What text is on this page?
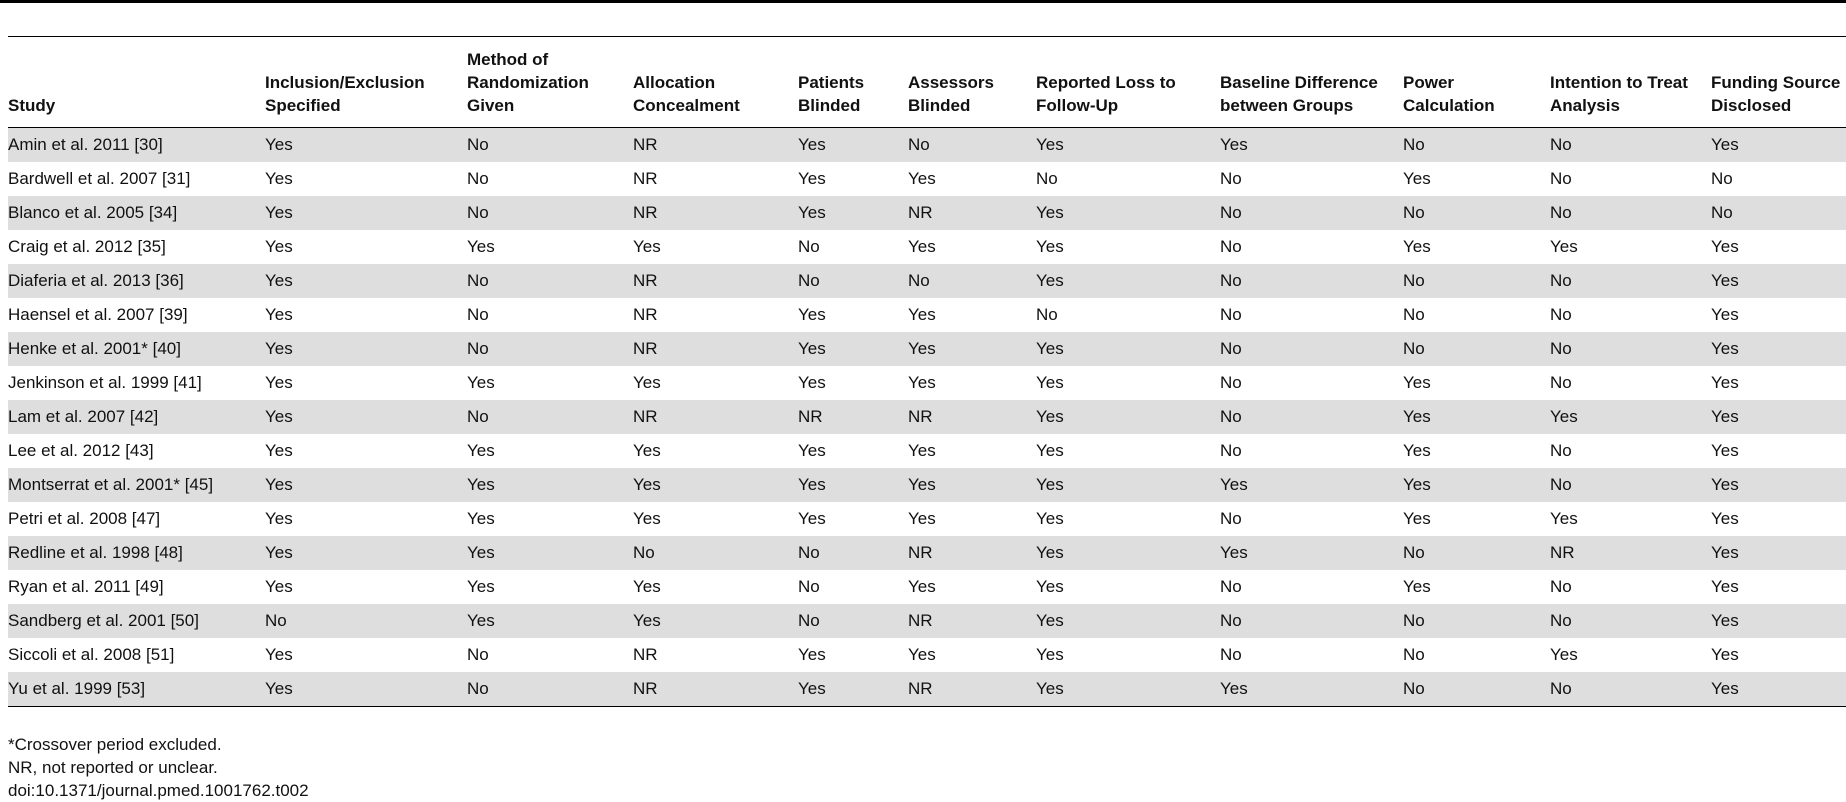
Study	Inclusion/Exclusion Specified	Method of Randomization Given	Allocation Concealment	Patients Blinded	Assessors Blinded	Reported Loss to Follow-Up	Baseline Difference between Groups	Power Calculation	Intention to Treat Analysis	Funding Source Disclosed
Amin et al. 2011 [30]	Yes	No	NR	Yes	No	Yes	Yes	No	No	Yes
Bardwell et al. 2007 [31]	Yes	No	NR	Yes	Yes	No	No	Yes	No	No
Blanco et al. 2005 [34]	Yes	No	NR	Yes	NR	Yes	No	No	No	No
Craig et al. 2012 [35]	Yes	Yes	Yes	No	Yes	Yes	No	Yes	Yes	Yes
Diaferia et al. 2013 [36]	Yes	No	NR	No	No	Yes	No	No	No	Yes
Haensel et al. 2007 [39]	Yes	No	NR	Yes	Yes	No	No	No	No	Yes
Henke et al. 2001* [40]	Yes	No	NR	Yes	Yes	Yes	No	No	No	Yes
Jenkinson et al. 1999 [41]	Yes	Yes	Yes	Yes	Yes	Yes	No	Yes	No	Yes
Lam et al. 2007 [42]	Yes	No	NR	NR	NR	Yes	No	Yes	Yes	Yes
Lee et al. 2012 [43]	Yes	Yes	Yes	Yes	Yes	Yes	No	Yes	No	Yes
Montserrat et al. 2001* [45]	Yes	Yes	Yes	Yes	Yes	Yes	Yes	Yes	No	Yes
Petri et al. 2008 [47]	Yes	Yes	Yes	Yes	Yes	Yes	No	Yes	Yes	Yes
Redline et al. 1998 [48]	Yes	Yes	No	No	NR	Yes	Yes	No	NR	Yes
Ryan et al. 2011 [49]	Yes	Yes	Yes	No	Yes	Yes	No	Yes	No	Yes
Sandberg et al. 2001 [50]	No	Yes	Yes	No	NR	Yes	No	No	No	Yes
Siccoli et al. 2008 [51]	Yes	No	NR	Yes	Yes	Yes	No	No	Yes	Yes
Yu et al. 1999 [53]	Yes	No	NR	Yes	NR	Yes	Yes	No	No	Yes
*Crossover period excluded.
NR, not reported or unclear.
doi:10.1371/journal.pmed.1001762.t002
